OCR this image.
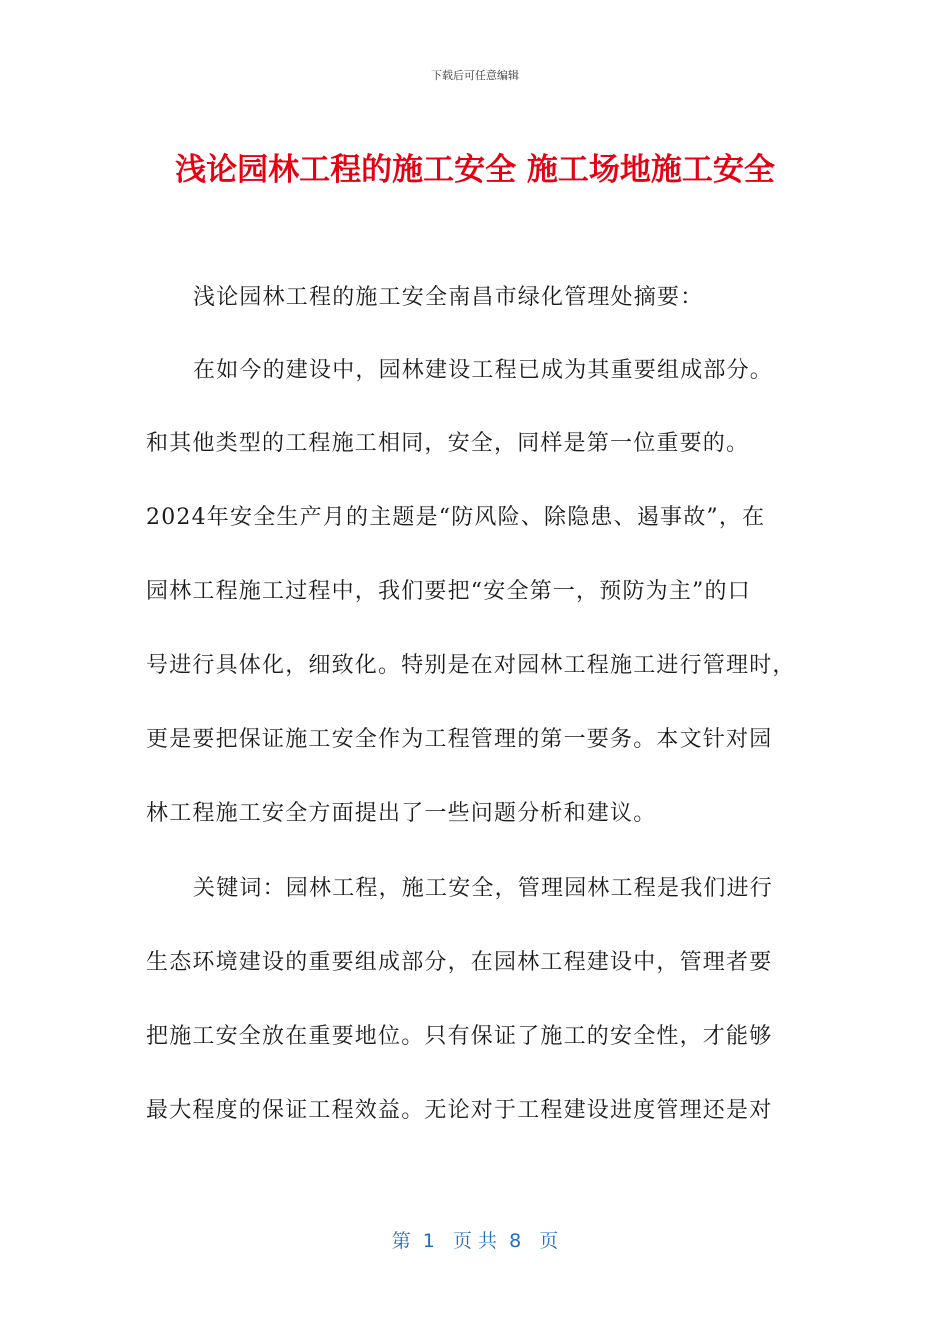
下载后可任意编辑
浅论园林工程的施工安全 施工场地施工安全
浅论园林工程的施工安全南昌市绿化管理处摘要：
在如今的建设中，园林建设工程已成为其重要组成部分。
和其他类型的工程施工相同，安全，同样是第一位重要的。
2024年安全生产月的主题是“防风险、除隐患、遏事故”，在
园林工程施工过程中，我们要把“安全第一，预防为主”的口
号进行具体化，细致化。特别是在对园林工程施工进行管理时，
更是要把保证施工安全作为工程管理的第一要务。本文针对园
林工程施工安全方面提出了一些问题分析和建议。
关键词：园林工程，施工安全，管理园林工程是我们进行
生态环境建设的重要组成部分，在园林工程建设中，管理者要
把施工安全放在重要地位。只有保证了施工的安全性，才能够
最大程度的保证工程效益。无论对于工程建设进度管理还是对
第  1   页 共  8   页
